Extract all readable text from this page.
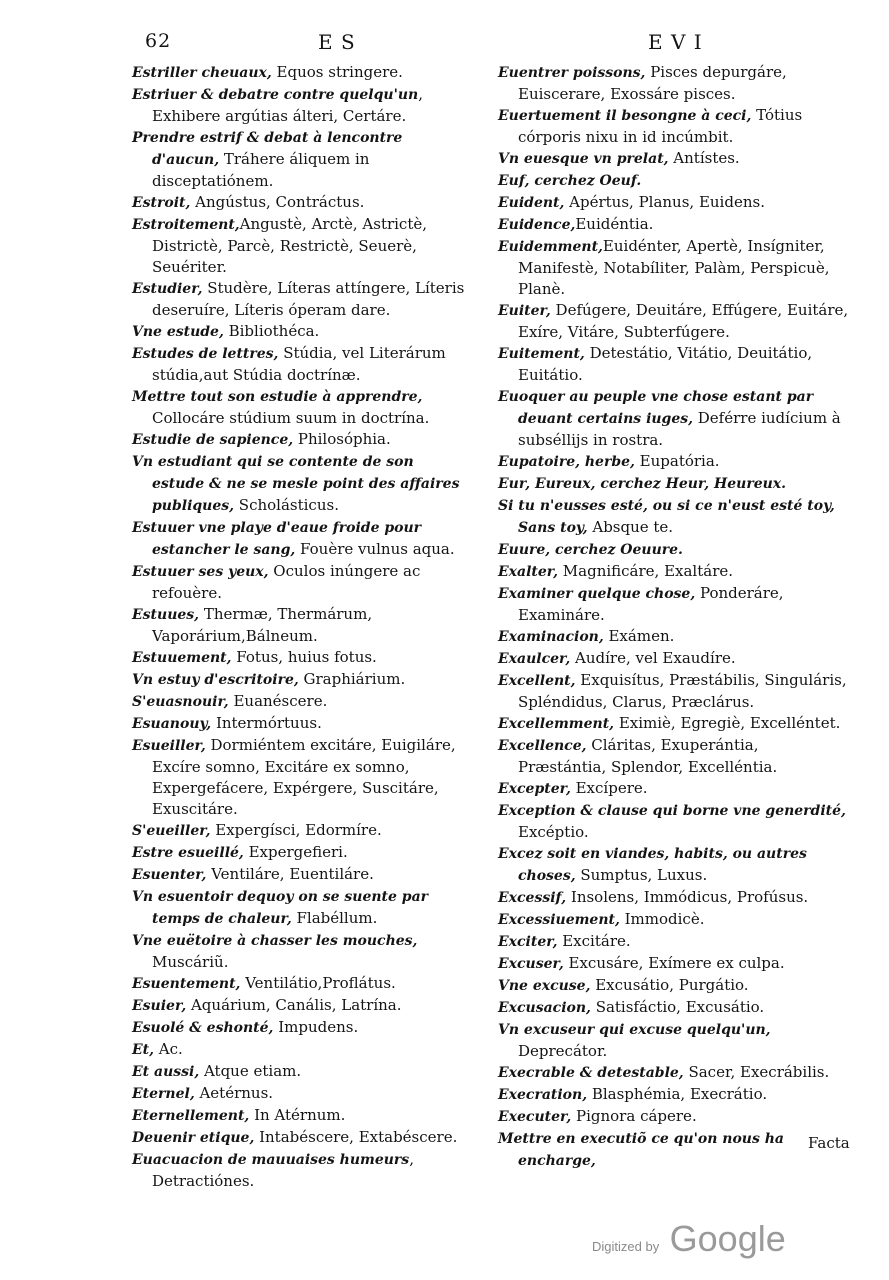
62	E S	E V I

Estriller cheuaux, Equos stringere.

Estriuer & debatre contre quelqu'un, Exhibere argútias álteri, Certáre.

Prendre estrif & debat à lencontre d'aucun, Tráhere áliquem in disceptatiónem.

Estroit, Angústus, Contráctus.

Estroitement,Angustè, Arctè, Astrictè, Districtè, Parcè, Restrictè, Seuerè, Seuériter.

Estudier, Studère, Líteras attíngere, Líteris deseruíre, Líteris óperam dare.

Vne estude, Bibliothéca.

Estudes de lettres, Stúdia, vel Literárum stúdia,aut Stúdia doctrínæ.

Mettre tout son estudie à apprendre, Collocáre stúdium suum in doctrína.

Estudie de sapience, Philosóphia.

Vn estudiant qui se contente de son estude & ne se mesle point des affaires publiques, Scholásticus.

Estuuer vne playe d'eaue froide pour estancher le sang, Fouère vulnus aqua.

Estuuer ses yeux, Oculos inúngere ac refouère.

Estuues, Thermæ, Thermárum, Vaporárium,Bálneum.

Estuuement, Fotus, huius fotus.

Vn estuy d'escritoire, Graphiárium.

S'euasnouir, Euanéscere.

Esuanouy, Intermórtuus.

Esueiller, Dormiéntem excitáre, Euigiláre, Excíre somno, Excitáre ex somno, Expergefácere, Expérgere, Suscitáre, Exuscitáre.

S'eueiller, Expergísci, Edormíre.

Estre esueillé, Expergefieri.

Esuenter, Ventiláre, Euentiláre.

Vn esuentoir dequoy on se suente par temps de chaleur, Flabéllum.

Vne euëtoire à chasser les mouches, Muscáriũ.

Esuentement, Ventilátio,Proflátus.

Esuier, Aquárium, Canális, Latrína.

Esuolé & eshonté, Impudens.

Et, Ac.

Et aussi, Atque etiam.

Eternel, Aetérnus.

Eternellement, In Atérnum.

Deuenir etique, Intabéscere, Extabéscere.

Euacuacion de mauuaises humeurs, Detractiónes.

Euentrer poissons, Pisces depurgáre, Euiscerare, Exossáre pisces.

Euertuement il besongne à ceci, Tótius córporis nixu in id incúmbit.

Vn euesque vn prelat, Antístes.

Euf, cerchez Oeuf.

Euident, Apértus, Planus, Euidens.

Euidence,Euidéntia.

Euidemment,Euidénter, Apertè, Insígniter, Manifestè, Notabíliter, Palàm, Perspicuè, Planè.

Euiter, Defúgere, Deuitáre, Effúgere, Euitáre, Exíre, Vitáre, Subterfúgere.

Euitement, Detestátio, Vitátio, Deuitátio, Euitátio.

Euoquer au peuple vne chose estant par deuant certains iuges, Deférre iudícium à subséllijs in rostra.

Eupatoire, herbe, Eupatória.

Eur, Eureux, cerchez Heur, Heureux.

Si tu n'eusses esté, ou si ce n'eust esté toy, Sans toy, Absque te.

Euure, cerchez Oeuure.

Exalter, Magnificáre, Exaltáre.

Examiner quelque chose, Ponderáre, Examináre.

Examinacion, Exámen.

Exaulcer, Audíre, vel Exaudíre.

Excellent, Exquisítus, Præstábilis, Singuláris, Spléndidus, Clarus, Præclárus.

Excellemment, Eximiè, Egregiè, Excelléntet.

Excellence, Cláritas, Exuperántia, Præstántia, Splendor, Excelléntia.

Excepter, Excípere.

Exception & clause qui borne vne generdité, Excéptio.

Excez soit en viandes, habits, ou autres choses, Sumptus, Luxus.

Excessif, Insolens, Immódicus, Profúsus.

Excessiuement, Immodicè.

Exciter, Excitáre.

Excuser, Excusáre, Exímere ex culpa.

Vne excuse, Excusátio, Purgátio.

Excusacion, Satisfáctio, Excusátio.

Vn excuseur qui excuse quelqu'un, Deprecátor.

Execrable & detestable, Sacer, Execrábilis.

Execration, Blasphémia, Execrátio.

Executer, Pignora cápere.

Mettre en executiõ ce qu'on nous ha encharge,

Facta
Digitized by Google
